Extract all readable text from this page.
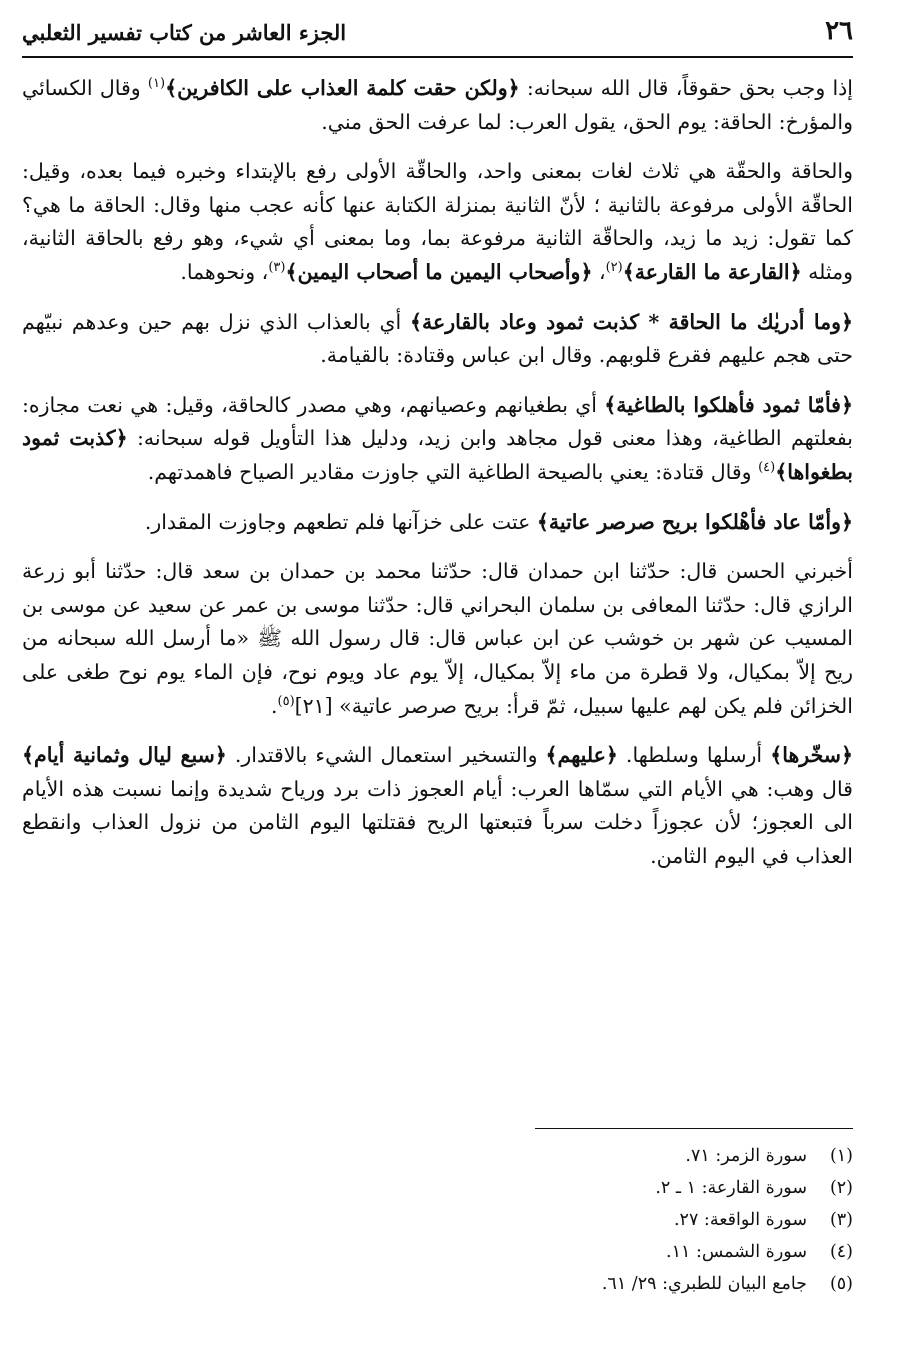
٢٦
الجزء العاشر من كتاب تفسير الثعلبي

إذا وجب بحق حقوقاً، قال الله سبحانه: ﴿ولكن حقت كلمة العذاب على الكافرين﴾$^{(١)}$ وقال الكسائي والمؤرخ: الحاقة: يوم الحق، يقول العرب: لما عرفت الحق مني.

والحاقة والحقّة هي ثلاث لغات بمعنى واحد، والحاقّة الأولى رفع بالإبتداء وخبره فيما بعده، وقيل: الحاقّة الأولى مرفوعة بالثانية ؛ لأنّ الثانية بمنزلة الكتابة عنها كأنه عجب منها وقال: الحاقة ما هي؟ كما تقول: زيد ما زيد، والحاقّة الثانية مرفوعة بما، وما بمعنى أي شيء، وهو رفع بالحاقة الثانية، ومثله ﴿القارعة ما القارعة﴾$^{(٢)}$، ﴿وأصحاب اليمين ما أصحاب اليمين﴾$^{(٣)}$، ونحوهما.

﴿وما أدريٰك ما الحاقة * كذبت ثمود وعاد بالقارعة﴾ أي بالعذاب الذي نزل بهم حين وعدهم نبيّهم حتى هجم عليهم فقرع قلوبهم. وقال ابن عباس وقتادة: بالقيامة.

﴿فأمّا ثمود فأهلكوا بالطاغية﴾ أي بطغيانهم وعصيانهم، وهي مصدر كالحاقة، وقيل: هي نعت مجازه: بفعلتهم الطاغية، وهذا معنى قول مجاهد وابن زيد، ودليل هذا التأويل قوله سبحانه: ﴿كذبت ثمود بطغواها﴾$^{(٤)}$ وقال قتادة: يعني بالصيحة الطاغية التي جاوزت مقادير الصياح فاهمدتهم.

﴿وأمّا عاد فأهْلكوا بريح صرصر عاتية﴾ عتت على خزآنها فلم تطعهم وجاوزت المقدار.

أخبرني الحسن قال: حدّثنا ابن حمدان قال: حدّثنا محمد بن حمدان بن سعد قال: حدّثنا أبو زرعة الرازي قال: حدّثنا المعافى بن سلمان البحراني قال: حدّثنا موسى بن عمر عن سعيد عن موسى بن المسيب عن شهر بن خوشب عن ابن عباس قال: قال رسول الله ﷺ «ما أرسل الله سبحانه من ريح إلاّ بمكيال، ولا قطرة من ماء إلاّ بمكيال، إلاّ يوم عاد ويوم نوح، فإن الماء يوم نوح طغى على الخزائن فلم يكن لهم عليها سبيل، ثمّ قرأ: بريح صرصر عاتية» [٢١]$^{(٥)}$.

﴿سخّرها﴾ أرسلها وسلطها. ﴿عليهم﴾ والتسخير استعمال الشيء بالاقتدار. ﴿سبع ليال وثمانية أيام﴾ قال وهب: هي الأيام التي سمّاها العرب: أيام العجوز ذات برد ورياح شديدة وإنما نسبت هذه الأيام الى العجوز؛ لأن عجوزاً دخلت سرباً فتبعتها الريح فقتلتها اليوم الثامن من نزول العذاب وانقطع العذاب في اليوم الثامن.

(١)سورة الزمر: ٧١.
(٢)سورة القارعة: ١ ـ ٢.
(٣)سورة الواقعة: ٢٧.
(٤)سورة الشمس: ١١.
(٥)جامع البيان للطبري: ٢٩/ ٦١.
